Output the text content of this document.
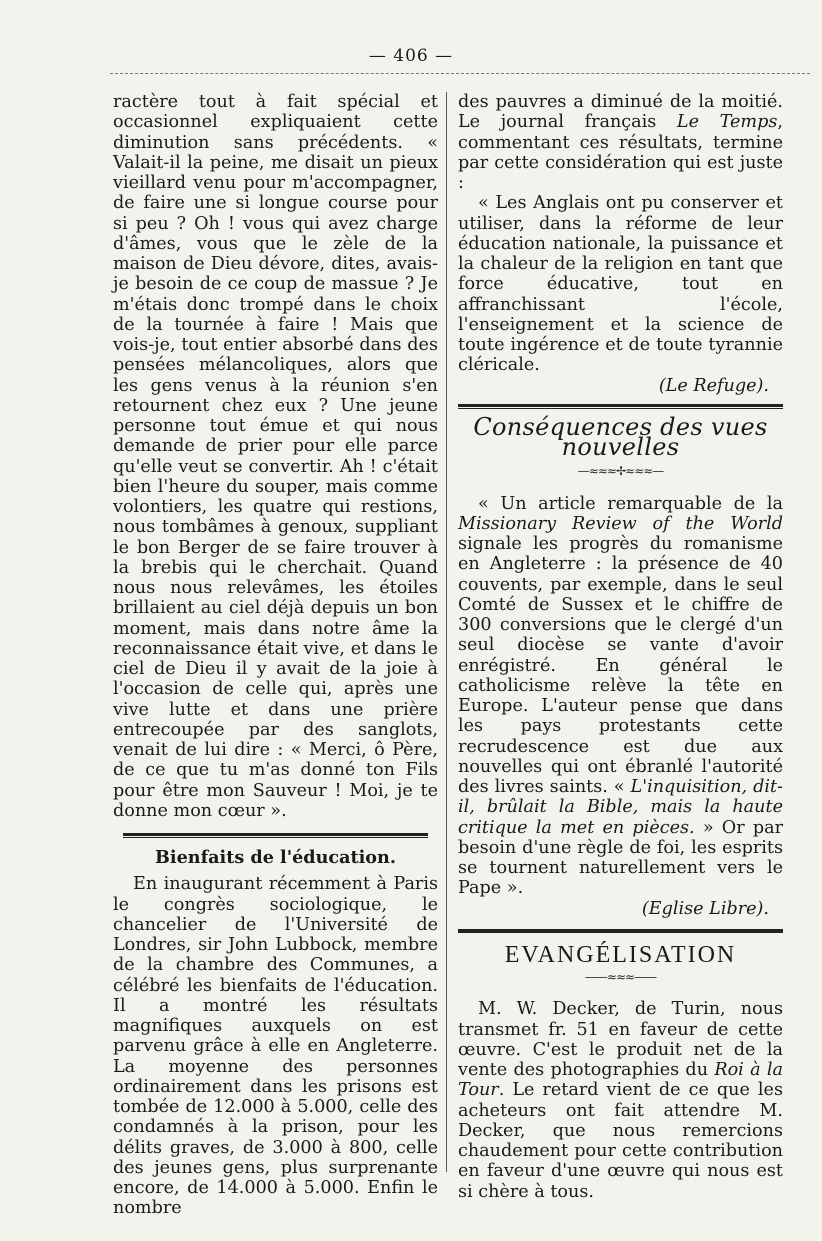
— 406 —

ractère tout à fait spécial et occasionnel expliquaient cette diminution sans précédents. « Valait-il la peine, me disait un pieux vieillard venu pour m'accompagner, de faire une si longue course pour si peu ? Oh ! vous qui avez charge d'âmes, vous que le zèle de la maison de Dieu dévore, dites, avais-je besoin de ce coup de massue ? Je m'étais donc trompé dans le choix de la tournée à faire ! Mais que vois-je, tout entier absorbé dans des pensées mélancoliques, alors que les gens venus à la réunion s'en retournent chez eux ? Une jeune personne tout émue et qui nous demande de prier pour elle parce qu'elle veut se convertir. Ah ! c'était bien l'heure du souper, mais comme volontiers, les quatre qui restions, nous tombâmes à genoux, suppliant le bon Berger de se faire trouver à la brebis qui le cherchait. Quand nous nous relevâmes, les étoiles brillaient au ciel déjà depuis un bon moment, mais dans notre âme la reconnaissance était vive, et dans le ciel de Dieu il y avait de la joie à l'occasion de celle qui, après une vive lutte et dans une prière entrecoupée par des sanglots, venait de lui dire : « Merci, ô Père, de ce que tu m'as donné ton Fils pour être mon Sauveur ! Moi, je te donne mon cœur ».

Bienfaits de l'éducation.

En inaugurant récemment à Paris le congrès sociologique, le chancelier de l'Université de Londres, sir John Lubbock, membre de la chambre des Communes, a célébré les bienfaits de l'éducation. Il a montré les résultats magnifiques auxquels on est parvenu grâce à elle en Angleterre. La moyenne des personnes ordinairement dans les prisons est tombée de 12.000 à 5.000, celle des condamnés à la prison, pour les délits graves, de 3.000 à 800, celle des jeunes gens, plus surprenante encore, de 14.000 à 5.000. Enfin le nombre

des pauvres a diminué de la moitié. Le journal français Le Temps, commentant ces résultats, termine par cette considération qui est juste :

« Les Anglais ont pu conserver et utiliser, dans la réforme de leur éducation nationale, la puissance et la chaleur de la religion en tant que force éducative, tout en affranchissant l'école, l'enseignement et la science de toute ingérence et de toute tyrannie cléricale.

(Le Refuge).

Conséquences des vues nouvelles
—≈≈≈✢≈≈≈—

« Un article remarquable de la Missionary Review of the World signale les progrès du romanisme en Angleterre : la présence de 40 couvents, par exemple, dans le seul Comté de Sussex et le chiffre de 300 conversions que le clergé d'un seul diocèse se vante d'avoir enrégistré. En général le catholicisme relève la tête en Europe. L'auteur pense que dans les pays protestants cette recrudescence est due aux nouvelles qui ont ébranlé l'autorité des livres saints. « L'inquisition, dit-il, brûlait la Bible, mais la haute critique la met en pièces. » Or par besoin d'une règle de foi, les esprits se tournent naturellement vers le Pape ».

(Eglise Libre).

EVANGÉLISATION
——≈≈≈——

M. W. Decker, de Turin, nous transmet fr. 51 en faveur de cette œuvre. C'est le produit net de la vente des photographies du Roi à la Tour. Le retard vient de ce que les acheteurs ont fait attendre M. Decker, que nous remercions chaudement pour cette contribution en faveur d'une œuvre qui nous est si chère à tous.
